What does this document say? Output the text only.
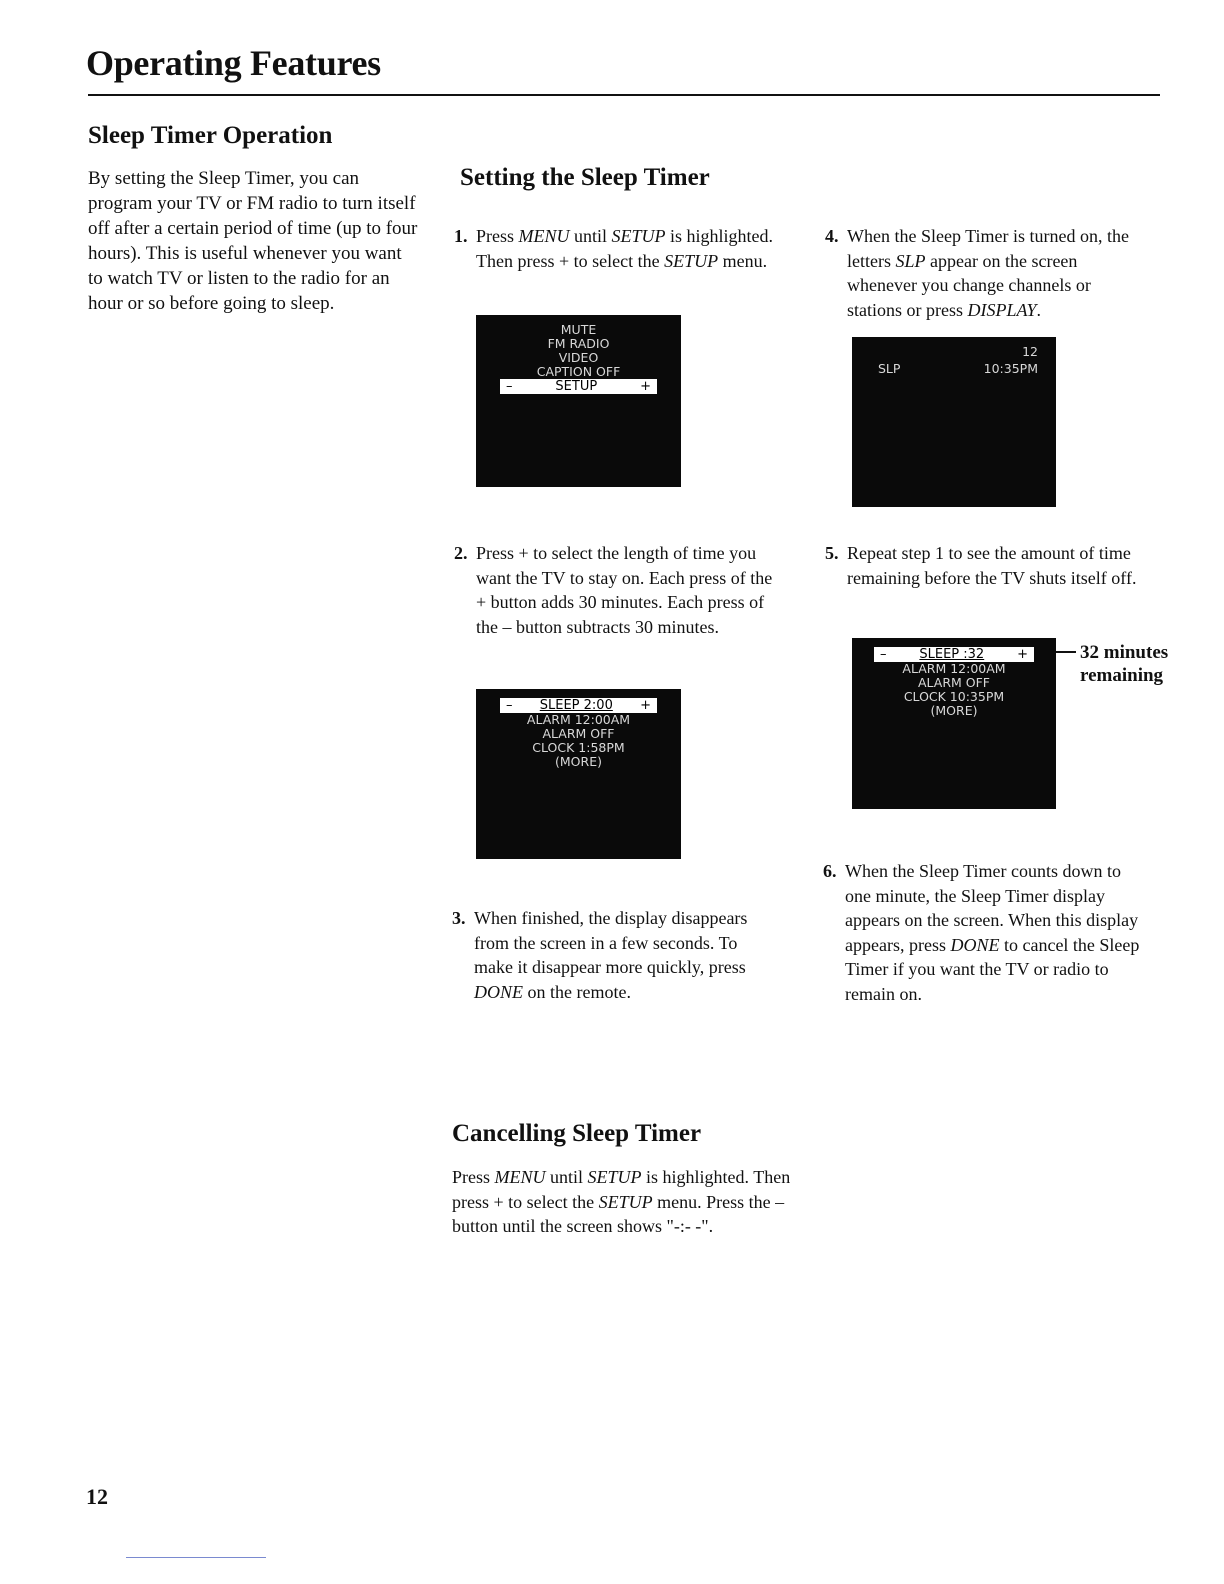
Operating Features
Sleep Timer Operation
By setting the Sleep Timer, you can program your TV or FM radio to turn itself off after a certain period of time (up to four hours). This is useful whenever you want to watch TV or listen to the radio for an hour or so before going to sleep.
Setting the Sleep Timer
1. Press MENU until SETUP is highlighted. Then press + to select the SETUP menu.
MUTE
FM RADIO
VIDEO
CAPTION OFF
–	SETUP	+
2. Press + to select the length of time you want the TV to stay on. Each press of the + button adds 30 minutes. Each press of the – button subtracts 30 minutes.
– SLEEP 2:00 +
ALARM 12:00AM
ALARM OFF
CLOCK 1:58PM
(MORE)
3. When finished, the display disappears from the screen in a few seconds. To make it disappear more quickly, press DONE on the remote.
4. When the Sleep Timer is turned on, the letters SLP appear on the screen whenever you change channels or stations or press DISPLAY.
12
SLP	10:35PM
5. Repeat step 1 to see the amount of time remaining before the TV shuts itself off.
–	SLEEP :32	+
ALARM 12:00AM
ALARM OFF
CLOCK 10:35PM
(MORE)
32 minutes
remaining
6. When the Sleep Timer counts down to one minute, the Sleep Timer display appears on the screen. When this display appears, press DONE to cancel the Sleep Timer if you want the TV or radio to remain on.
Cancelling Sleep Timer
Press MENU until SETUP is highlighted. Then press + to select the SETUP menu. Press the – button until the screen shows "-:- -".
12
